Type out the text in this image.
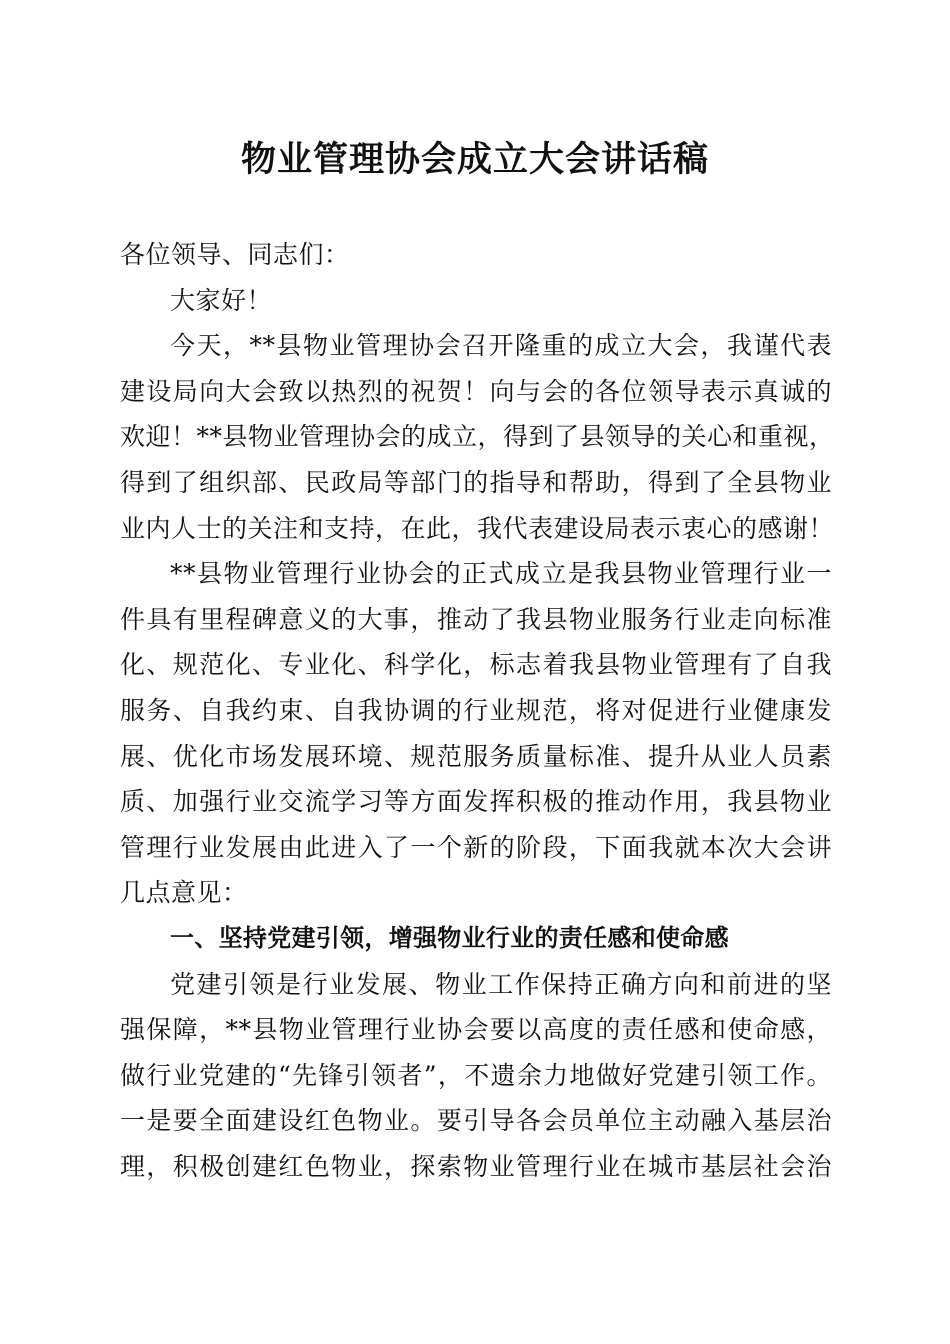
物业管理协会成立大会讲话稿
各位领导、同志们：
大家好！
今天，**县物业管理协会召开隆重的成立大会，我谨代表
建设局向大会致以热烈的祝贺！向与会的各位领导表示真诚的
欢迎！**县物业管理协会的成立，得到了县领导的关心和重视，
得到了组织部、民政局等部门的指导和帮助，得到了全县物业
业内人士的关注和支持，在此，我代表建设局表示衷心的感谢！
**县物业管理行业协会的正式成立是我县物业管理行业一
件具有里程碑意义的大事，推动了我县物业服务行业走向标准
化、规范化、专业化、科学化，标志着我县物业管理有了自我
服务、自我约束、自我协调的行业规范，将对促进行业健康发
展、优化市场发展环境、规范服务质量标准、提升从业人员素
质、加强行业交流学习等方面发挥积极的推动作用，我县物业
管理行业发展由此进入了一个新的阶段，下面我就本次大会讲
几点意见：
一、坚持党建引领，增强物业行业的责任感和使命感
党建引领是行业发展、物业工作保持正确方向和前进的坚
强保障，**县物业管理行业协会要以高度的责任感和使命感，
做行业党建的“先锋引领者”，不遗余力地做好党建引领工作。
一是要全面建设红色物业。要引导各会员单位主动融入基层治
理，积极创建红色物业，探索物业管理行业在城市基层社会治
